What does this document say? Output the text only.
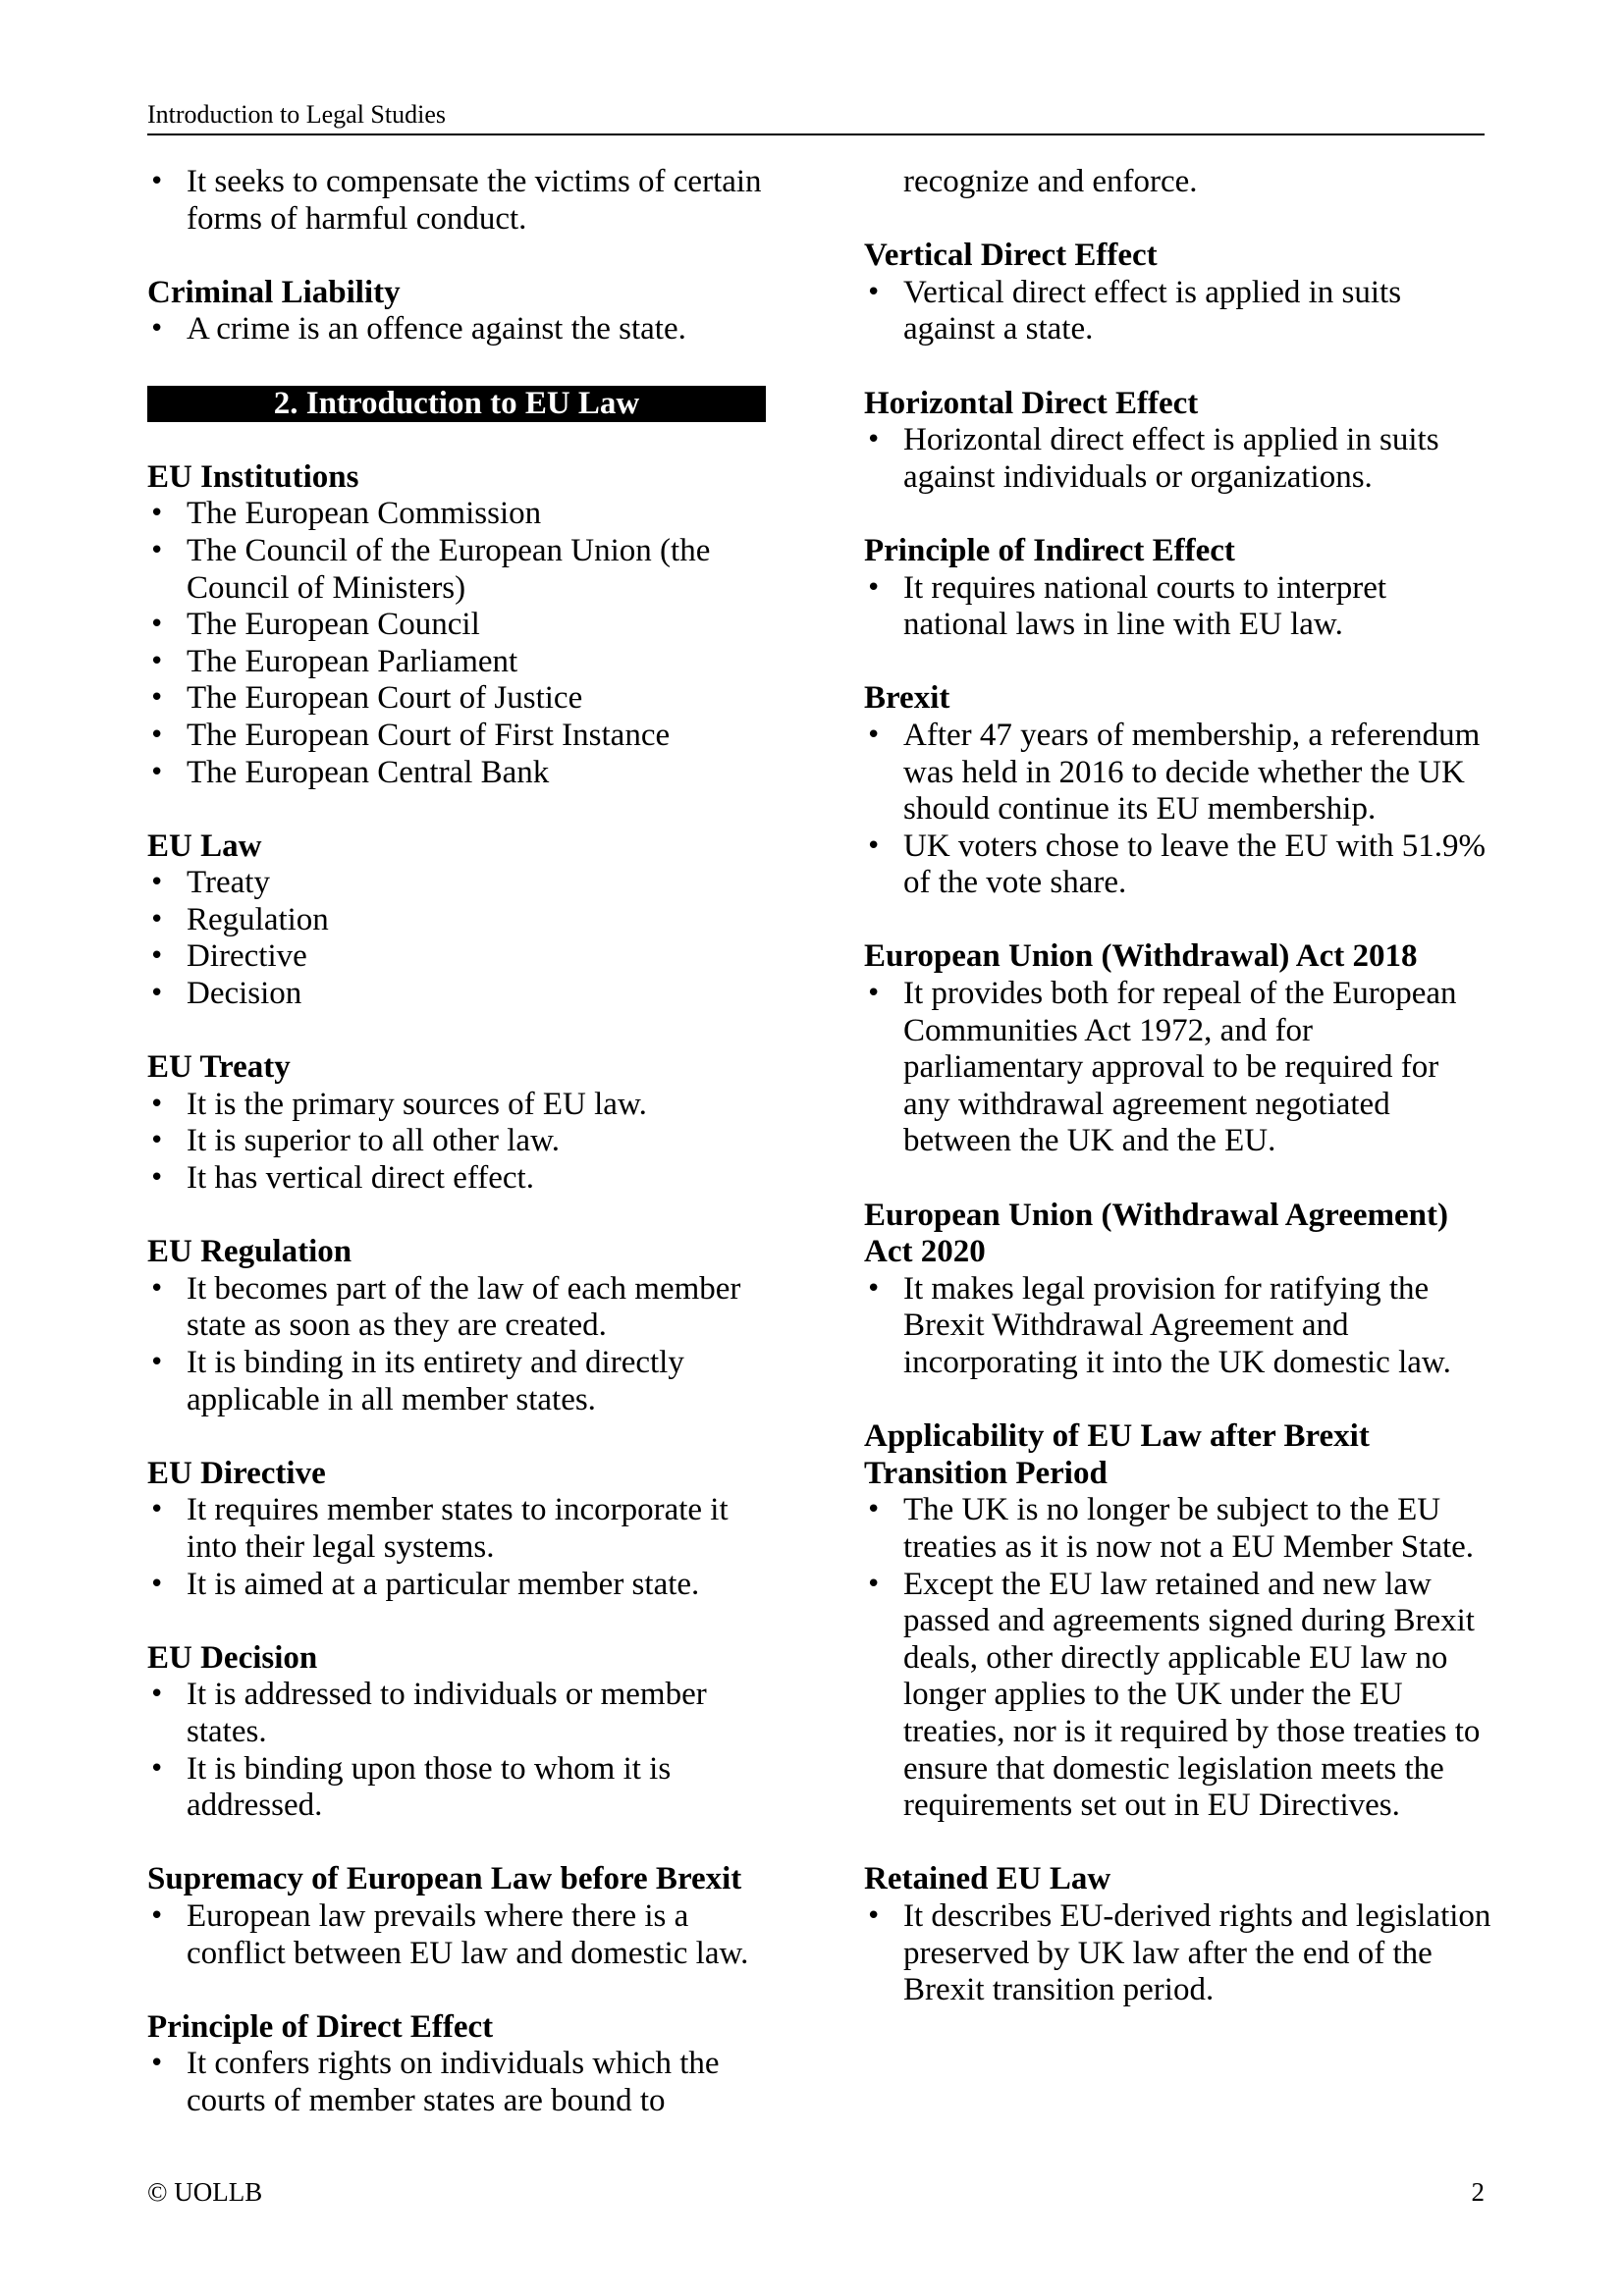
Introduction to Legal Studies
• It seeks to compensate the victims of certain forms of harmful conduct.
Criminal Liability
• A crime is an offence against the state.
2. Introduction to EU Law
EU Institutions
• The European Commission
• The Council of the European Union (the Council of Ministers)
• The European Council
• The European Parliament
• The European Court of Justice
• The European Court of First Instance
• The European Central Bank
EU Law
• Treaty
• Regulation
• Directive
• Decision
EU Treaty
• It is the primary sources of EU law.
• It is superior to all other law.
• It has vertical direct effect.
EU Regulation
• It becomes part of the law of each member state as soon as they are created.
• It is binding in its entirety and directly applicable in all member states.
EU Directive
• It requires member states to incorporate it into their legal systems.
• It is aimed at a particular member state.
EU Decision
• It is addressed to individuals or member states.
• It is binding upon those to whom it is addressed.
Supremacy of European Law before Brexit
• European law prevails where there is a conflict between EU law and domestic law.
Principle of Direct Effect
• It confers rights on individuals which the courts of member states are bound to
recognize and enforce.
Vertical Direct Effect
• Vertical direct effect is applied in suits against a state.
Horizontal Direct Effect
• Horizontal direct effect is applied in suits against individuals or organizations.
Principle of Indirect Effect
• It requires national courts to interpret national laws in line with EU law.
Brexit
• After 47 years of membership, a referendum was held in 2016 to decide whether the UK should continue its EU membership.
• UK voters chose to leave the EU with 51.9% of the vote share.
European Union (Withdrawal) Act 2018
• It provides both for repeal of the European Communities Act 1972, and for parliamentary approval to be required for any withdrawal agreement negotiated between the UK and the EU.
European Union (Withdrawal Agreement) Act 2020
• It makes legal provision for ratifying the Brexit Withdrawal Agreement and incorporating it into the UK domestic law.
Applicability of EU Law after Brexit Transition Period
• The UK is no longer be subject to the EU treaties as it is now not a EU Member State.
• Except the EU law retained and new law passed and agreements signed during Brexit deals, other directly applicable EU law no longer applies to the UK under the EU treaties, nor is it required by those treaties to ensure that domestic legislation meets the requirements set out in EU Directives.
Retained EU Law
• It describes EU-derived rights and legislation preserved by UK law after the end of the Brexit transition period.
© UOLLB	2
